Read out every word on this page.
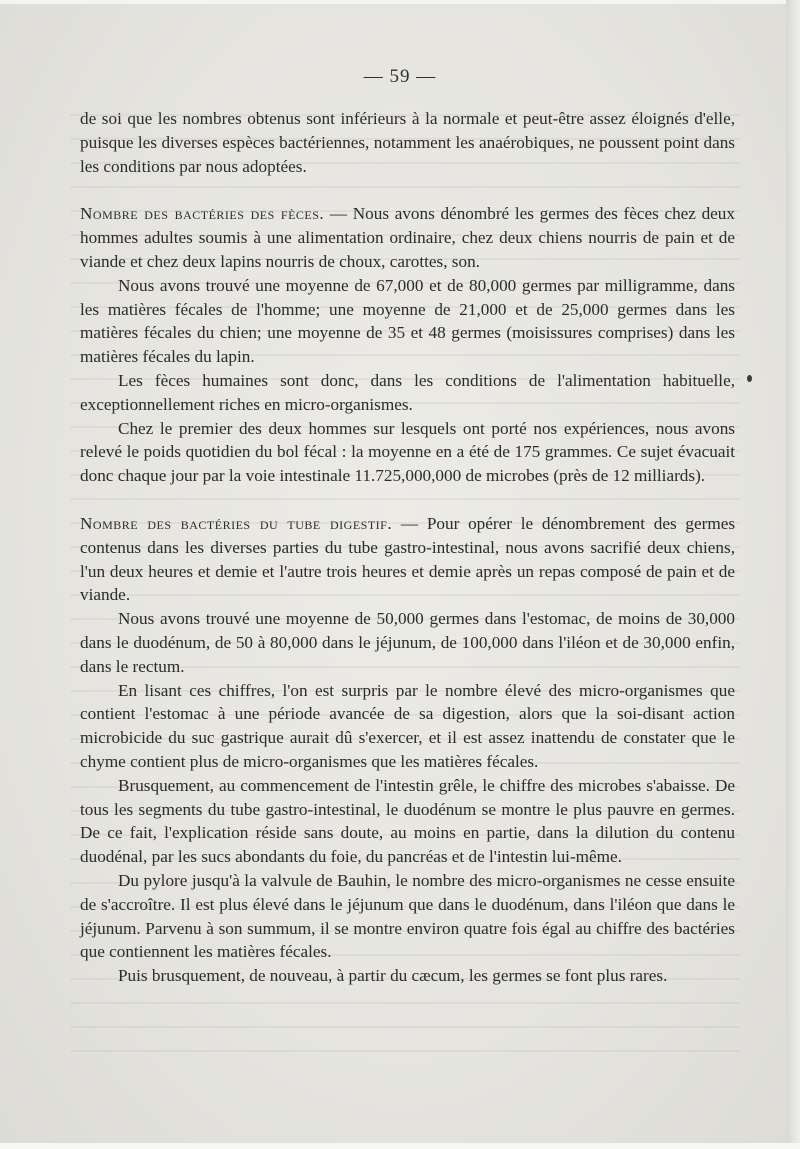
— 59 —

de soi que les nombres obtenus sont inférieurs à la normale et peut-être assez éloignés d'elle, puisque les diverses espèces bactériennes, notamment les anaérobiques, ne poussent point dans les conditions par nous adoptées.

Nombre des bactéries des fèces. — Nous avons dénombré les germes des fèces chez deux hommes adultes soumis à une alimentation ordinaire, chez deux chiens nourris de pain et de viande et chez deux lapins nourris de choux, carottes, son.

Nous avons trouvé une moyenne de 67,000 et de 80,000 germes par milligramme, dans les matières fécales de l'homme; une moyenne de 21,000 et de 25,000 germes dans les matières fécales du chien; une moyenne de 35 et 48 germes (moisissures comprises) dans les matières fécales du lapin.

Les fèces humaines sont donc, dans les conditions de l'alimentation habituelle, exceptionnellement riches en micro-organismes.

Chez le premier des deux hommes sur lesquels ont porté nos expériences, nous avons relevé le poids quotidien du bol fécal : la moyenne en a été de 175 grammes. Ce sujet évacuait donc chaque jour par la voie intestinale 11.725,000,000 de microbes (près de 12 milliards).

Nombre des bactéries du tube digestif. — Pour opérer le dénombrement des germes contenus dans les diverses parties du tube gastro-intestinal, nous avons sacrifié deux chiens, l'un deux heures et demie et l'autre trois heures et demie après un repas composé de pain et de viande.

Nous avons trouvé une moyenne de 50,000 germes dans l'estomac, de moins de 30,000 dans le duodénum, de 50 à 80,000 dans le jéjunum, de 100,000 dans l'iléon et de 30,000 enfin, dans le rectum.

En lisant ces chiffres, l'on est surpris par le nombre élevé des micro-organismes que contient l'estomac à une période avancée de sa digestion, alors que la soi-disant action microbicide du suc gastrique aurait dû s'exercer, et il est assez inattendu de constater que le chyme contient plus de micro-organismes que les matières fécales.

Brusquement, au commencement de l'intestin grêle, le chiffre des microbes s'abaisse. De tous les segments du tube gastro-intestinal, le duodénum se montre le plus pauvre en germes. De ce fait, l'explication réside sans doute, au moins en partie, dans la dilution du contenu duodénal, par les sucs abondants du foie, du pancréas et de l'intestin lui-même.

Du pylore jusqu'à la valvule de Bauhin, le nombre des micro-organismes ne cesse ensuite de s'accroître. Il est plus élevé dans le jéjunum que dans le duodénum, dans l'iléon que dans le jéjunum. Parvenu à son summum, il se montre environ quatre fois égal au chiffre des bactéries que contiennent les matières fécales.

Puis brusquement, de nouveau, à partir du cæcum, les germes se font plus rares.
